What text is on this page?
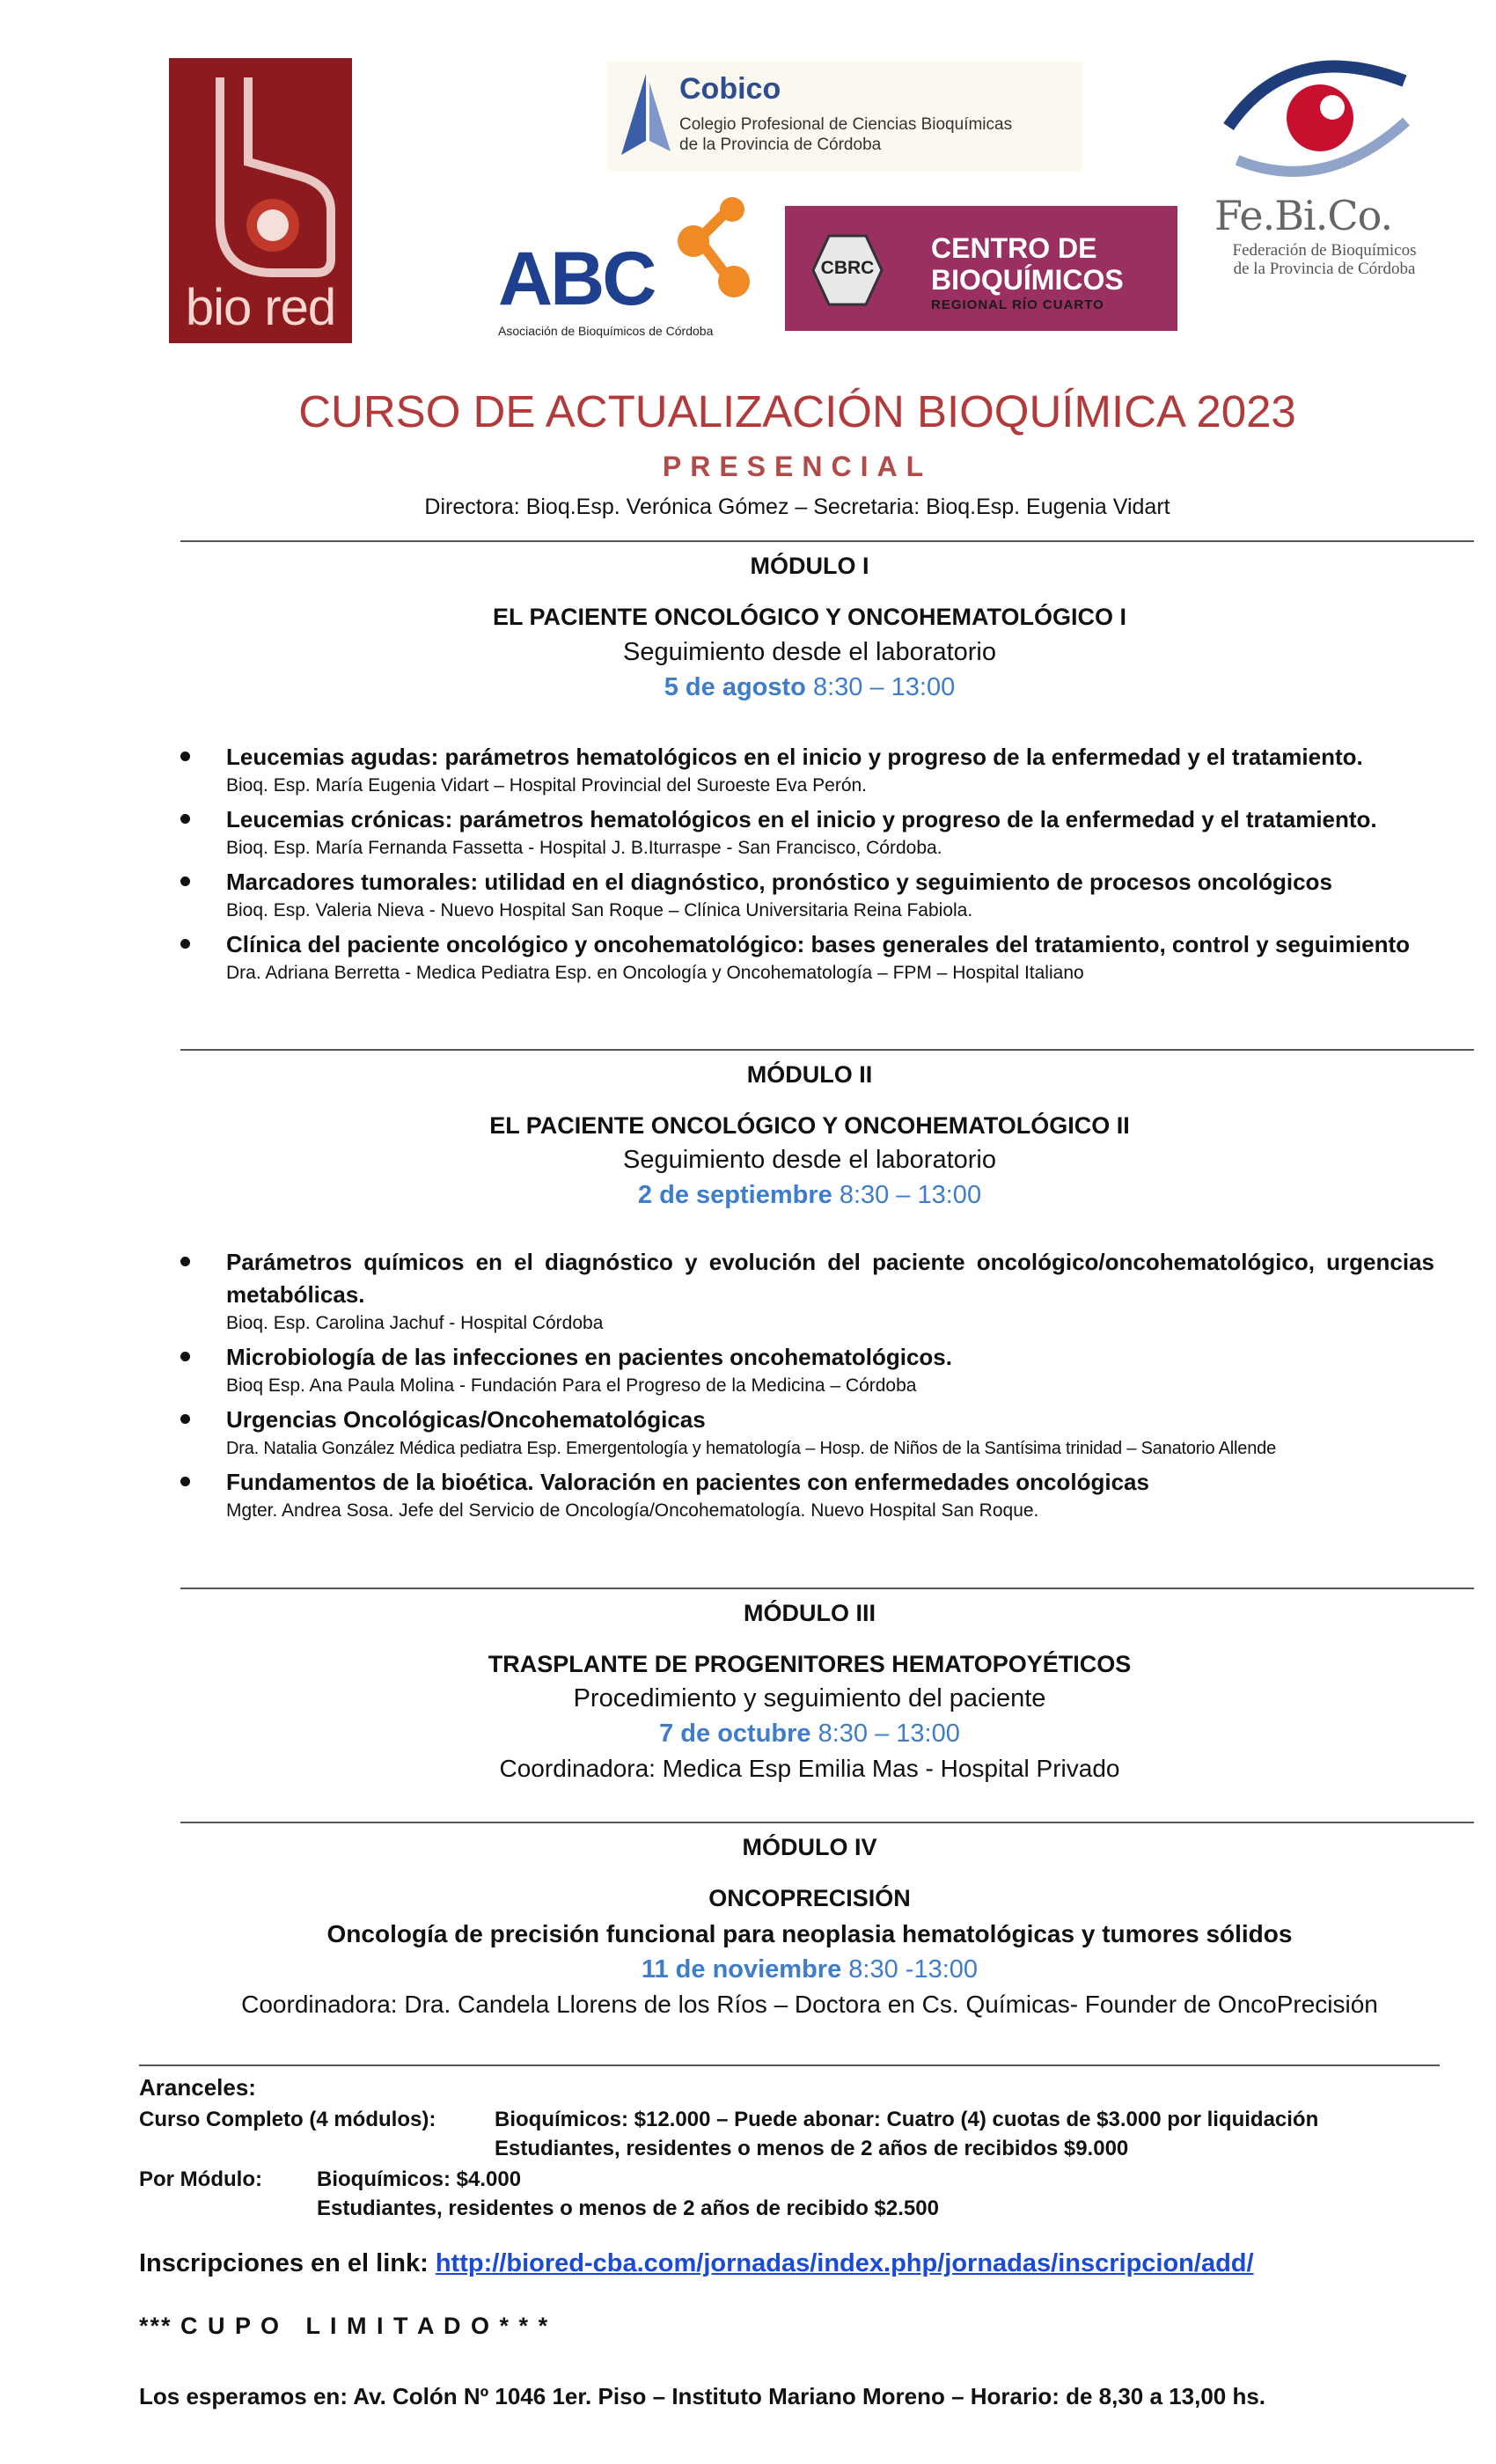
bio red
Cobico
Colegio Profesional de Ciencias Bioquímicas
de la Provincia de Córdoba
ABC
Asociación de Bioquímicos de Córdoba
CBRC
CENTRO DE
BIOQUÍMICOS
REGIONAL RÍO CUARTO
Fe.Bi.Co.
Federación de Bioquímicos
de la Provincia de Córdoba
CURSO DE ACTUALIZACIÓN BIOQUÍMICA 2023
PRESENCIAL
Directora: Bioq.Esp. Verónica Gómez – Secretaria: Bioq.Esp. Eugenia Vidart
MÓDULO I
EL PACIENTE ONCOLÓGICO Y ONCOHEMATOLÓGICO I
Seguimiento desde el laboratorio
5 de agosto 8:30 – 13:00
Leucemias agudas: parámetros hematológicos en el inicio y progreso de la enfermedad y el tratamiento.
Bioq. Esp. María Eugenia Vidart – Hospital Provincial del Suroeste Eva Perón.
Leucemias crónicas: parámetros hematológicos en el inicio y progreso de la enfermedad y el tratamiento.
Bioq. Esp. María Fernanda Fassetta - Hospital J. B.Iturraspe - San Francisco, Córdoba.
Marcadores tumorales: utilidad en el diagnóstico, pronóstico y seguimiento de procesos oncológicos
Bioq. Esp. Valeria Nieva - Nuevo Hospital San Roque – Clínica Universitaria Reina Fabiola.
Clínica del paciente oncológico y oncohematológico: bases generales del tratamiento, control y seguimiento
Dra. Adriana Berretta - Medica Pediatra Esp. en Oncología y Oncohematología – FPM – Hospital Italiano
MÓDULO II
EL PACIENTE ONCOLÓGICO Y ONCOHEMATOLÓGICO II
Seguimiento desde el laboratorio
2 de septiembre 8:30 – 13:00
Parámetros químicos en el diagnóstico y evolución del paciente oncológico/oncohematológico, urgencias metabólicas.
Bioq. Esp. Carolina Jachuf - Hospital Córdoba
Microbiología de las infecciones en pacientes oncohematológicos.
Bioq Esp. Ana Paula Molina - Fundación Para el Progreso de la Medicina – Córdoba
Urgencias Oncológicas/Oncohematológicas
Dra. Natalia González Médica pediatra Esp. Emergentología y hematología – Hosp. de Niños de la Santísima trinidad – Sanatorio Allende
Fundamentos de la bioética. Valoración en pacientes con enfermedades oncológicas
Mgter. Andrea Sosa. Jefe del Servicio de Oncología/Oncohematología. Nuevo Hospital San Roque.
MÓDULO III
TRASPLANTE DE PROGENITORES HEMATOPOYÉTICOS
Procedimiento y seguimiento del paciente
7 de octubre 8:30 – 13:00
Coordinadora: Medica Esp Emilia Mas - Hospital Privado
MÓDULO IV
ONCOPRECISIÓN
Oncología de precisión funcional para neoplasia hematológicas y tumores sólidos
11 de noviembre 8:30 -13:00
Coordinadora: Dra. Candela Llorens de los Ríos – Doctora en Cs. Químicas- Founder de OncoPrecisión
Aranceles:
Curso Completo (4 módulos):	Bioquímicos: $12.000 – Puede abonar: Cuatro (4) cuotas de $3.000 por liquidación
Estudiantes, residentes o menos de 2 años de recibidos $9.000
Por Módulo:	Bioquímicos: $4.000
Estudiantes, residentes o menos de 2 años de recibido $2.500
Inscripciones en el link: http://biored-cba.com/jornadas/index.php/jornadas/inscripcion/add/
*** C U P O   L I M I T A D O * * *
Los esperamos en: Av. Colón Nº 1046 1er. Piso – Instituto Mariano Moreno – Horario: de 8,30 a 13,00 hs.
